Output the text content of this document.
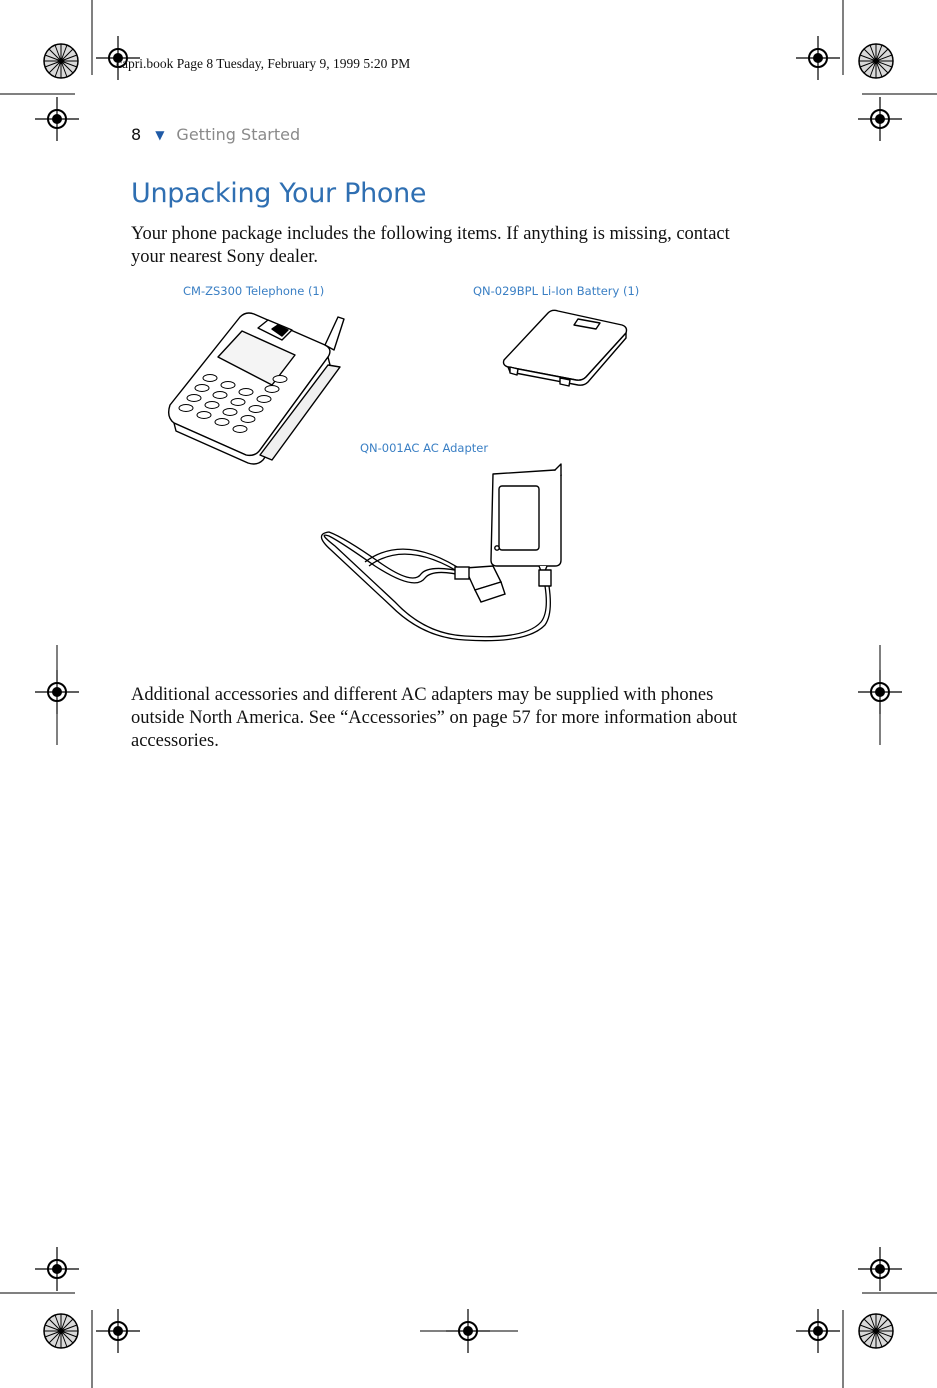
capri.book Page 8 Tuesday, February 9, 1999 5:20 PM
8 ▼ Getting Started
Unpacking Your Phone
Your phone package includes the following items. If anything is missing, contact your nearest Sony dealer.
CM-ZS300 Telephone (1)	QN-029BPL Li-Ion Battery (1)
QN-001AC AC Adapter
Additional accessories and different AC adapters may be supplied with phones outside North America. See “Accessories” on page 57 for more information about accessories.
